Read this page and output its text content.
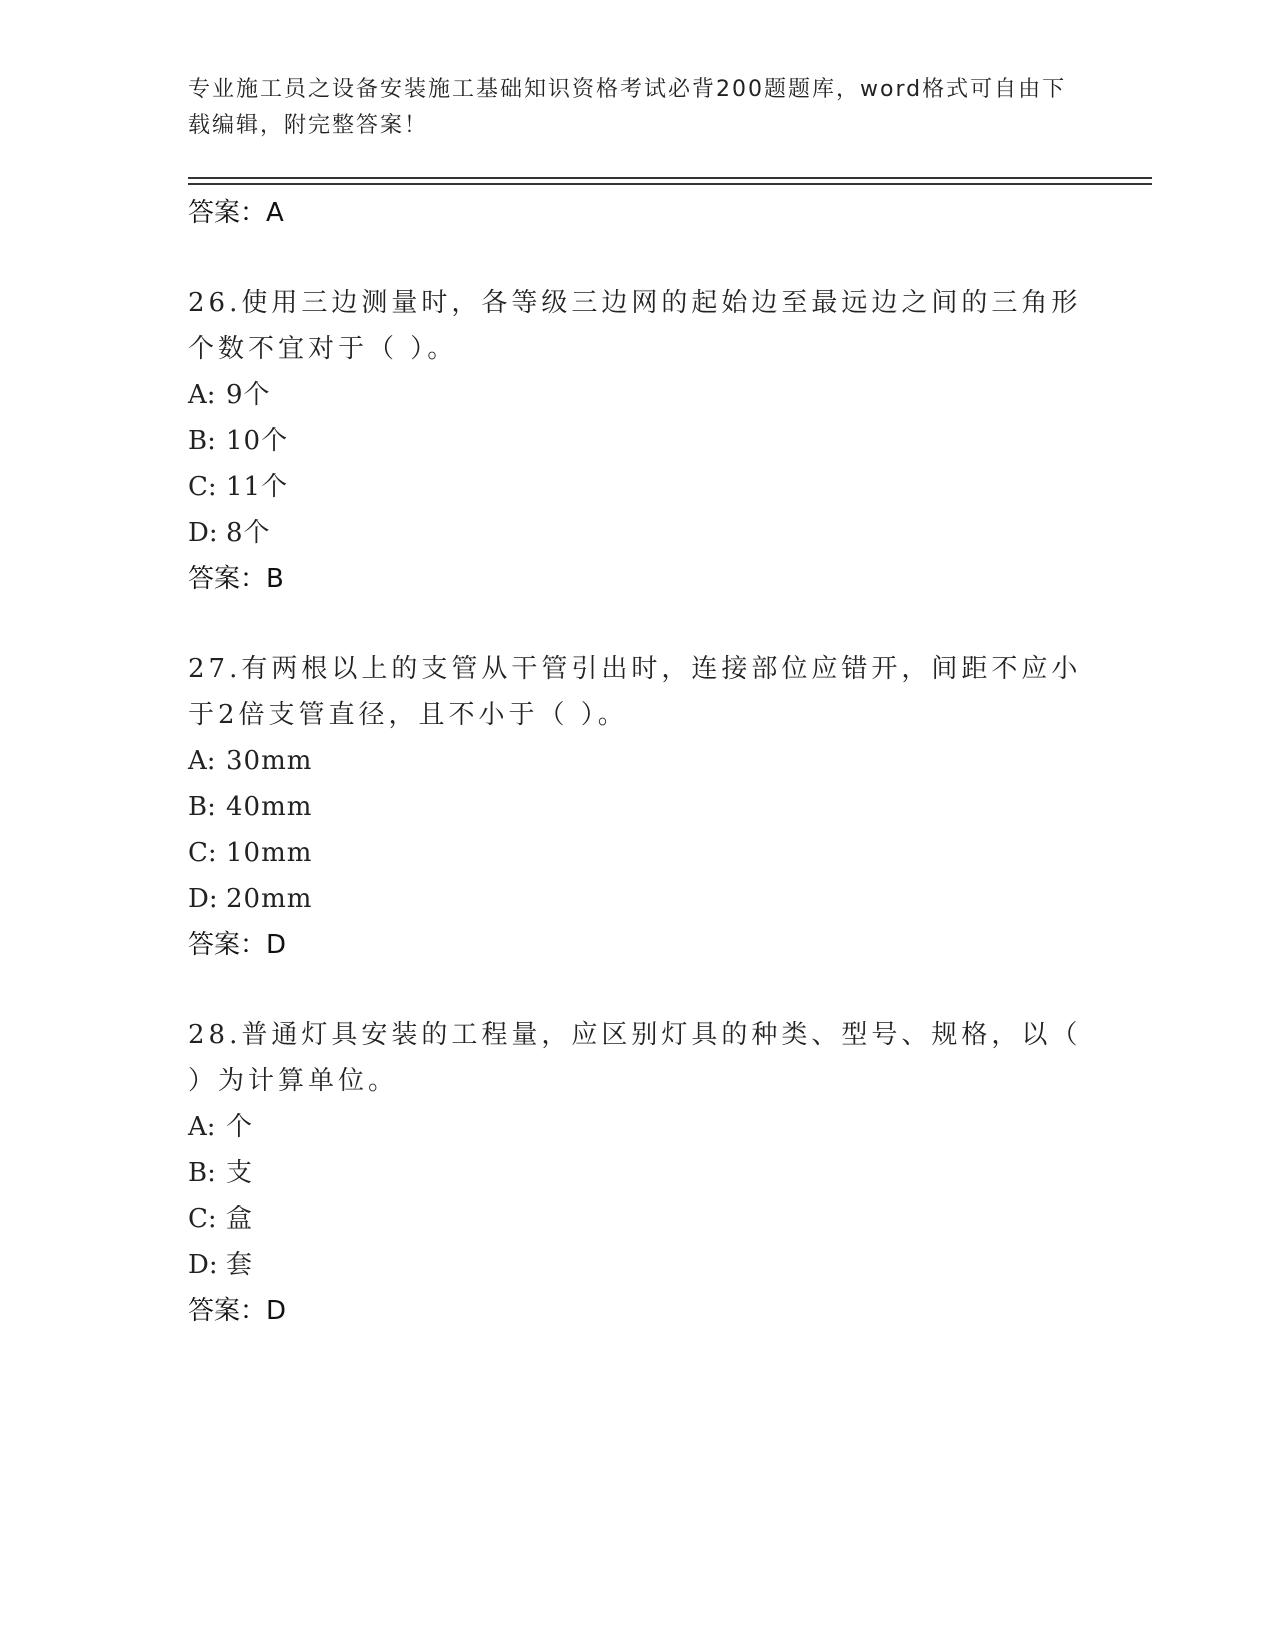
专业施工员之设备安装施工基础知识资格考试必背200题题库，word格式可自由下载编辑，附完整答案！
答案：A
26.使用三边测量时，各等级三边网的起始边至最远边之间的三角形个数不宜对于（ ）。
A: 9个
B: 10个
C: 11个
D: 8个
答案：B
27.有两根以上的支管从干管引出时，连接部位应错开，间距不应小于2倍支管直径，且不小于（ ）。
A: 30mm
B: 40mm
C: 10mm
D: 20mm
答案：D
28.普通灯具安装的工程量，应区别灯具的种类、型号、规格，以（ ）为计算单位。
A: 个
B: 支
C: 盒
D: 套
答案：D
